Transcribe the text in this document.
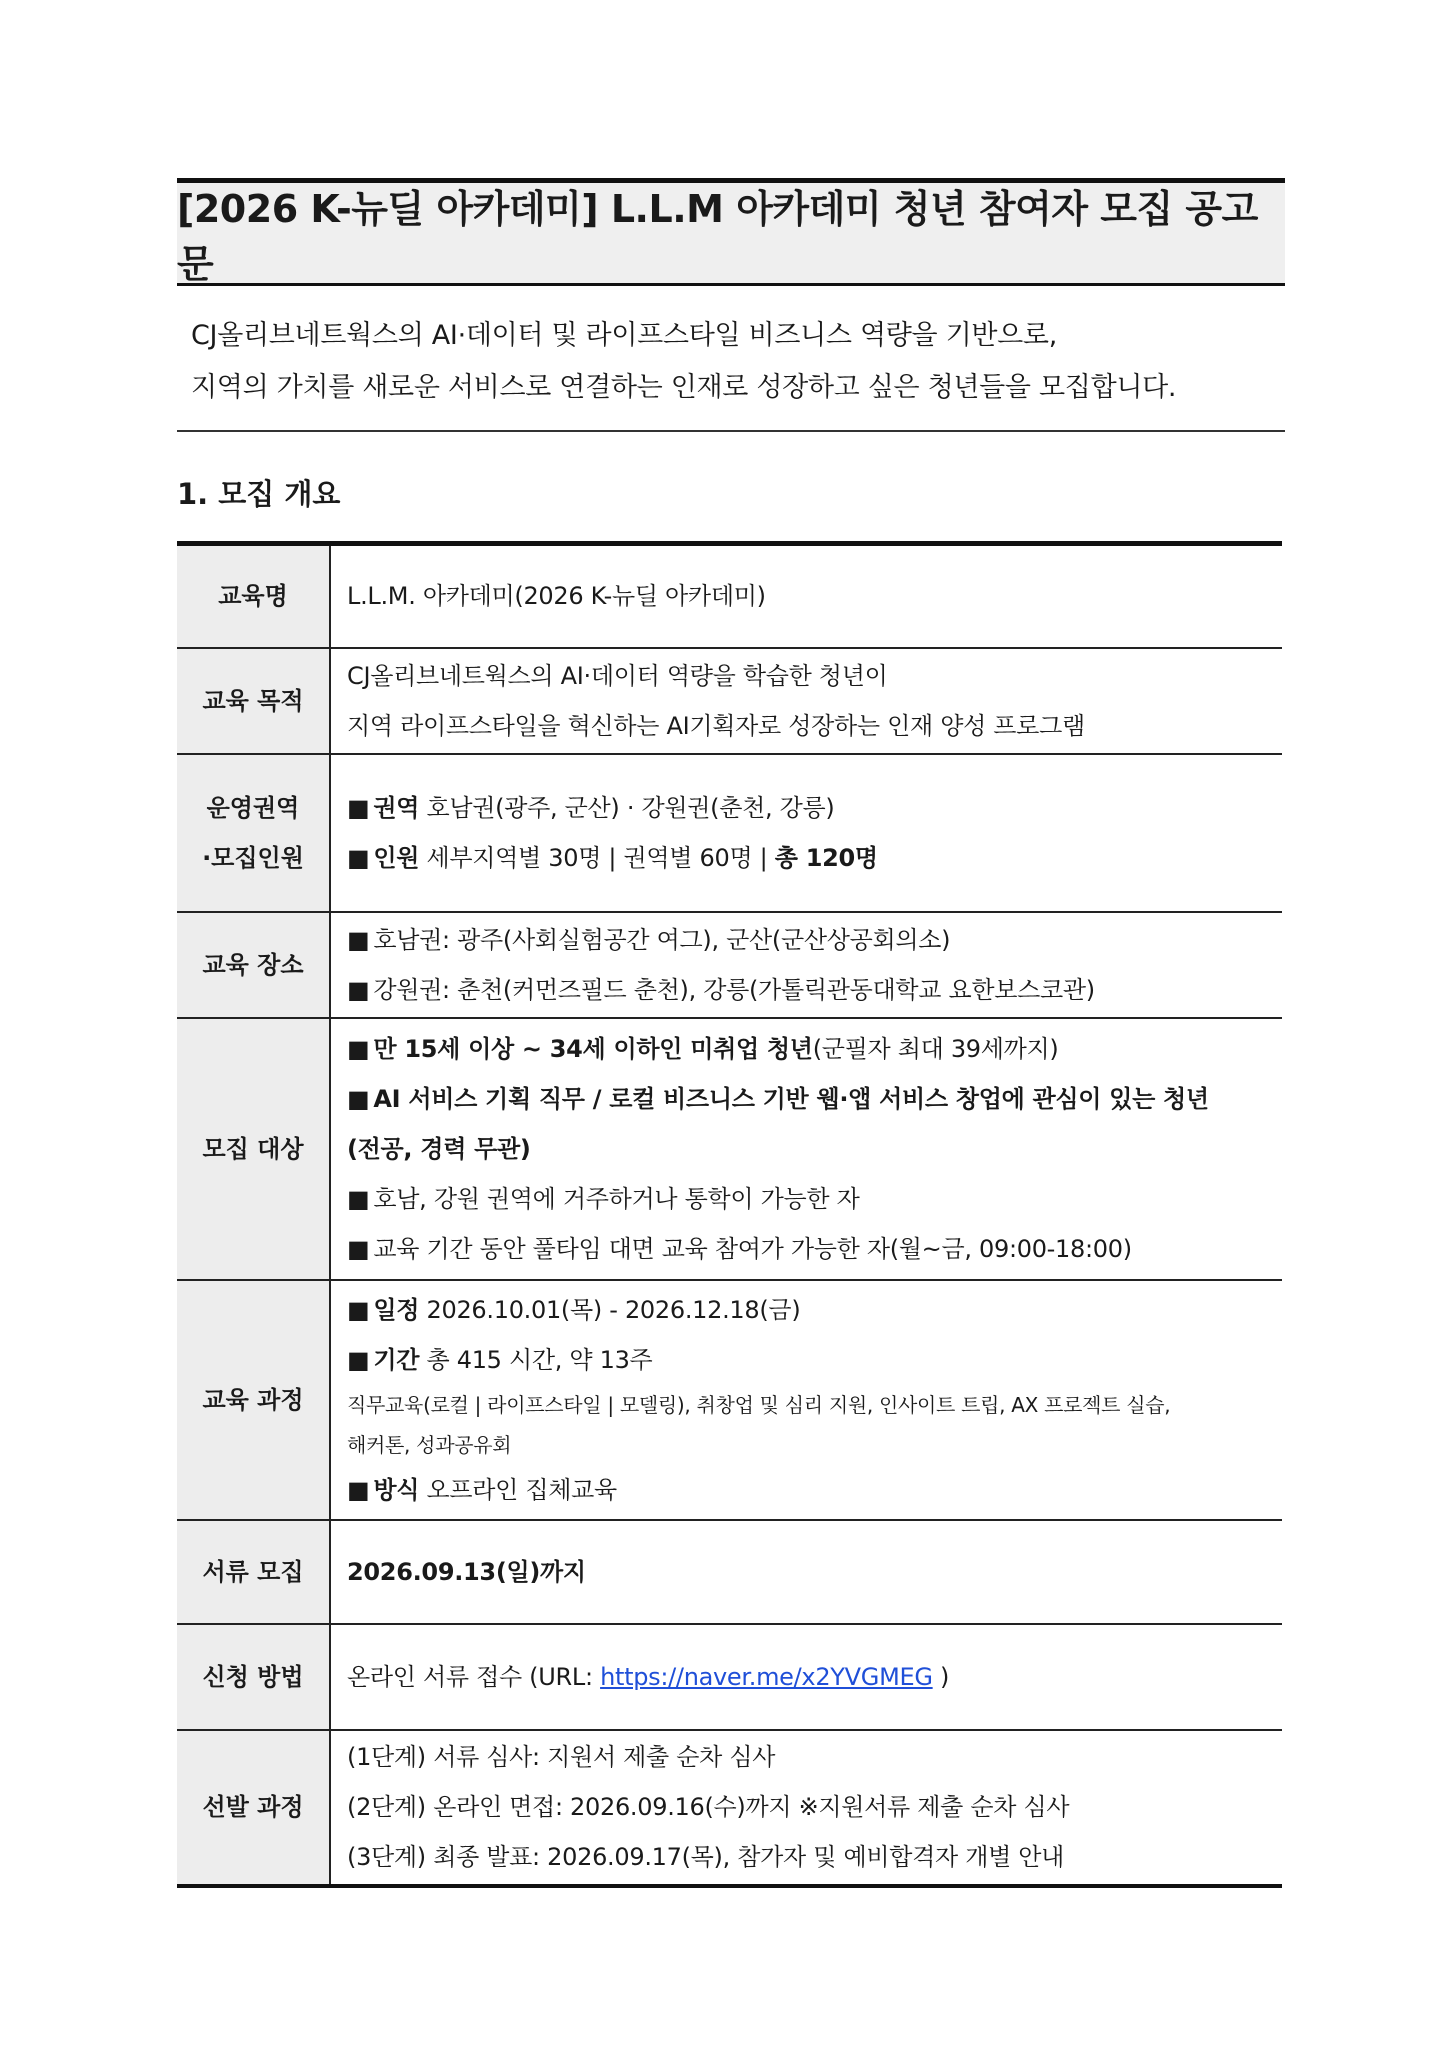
[2026 K-뉴딜 아카데미] L.L.M 아카데미 청년 참여자 모집 공고문

CJ올리브네트웍스의 AI·데이터 및 라이프스타일 비즈니스 역량을 기반으로,

지역의 가치를 새로운 서비스로 연결하는 인재로 성장하고 싶은 청년들을 모집합니다.

1. 모집 개요
교육명	L.L.M. 아카데미(2026 K-뉴딜 아카데미)
교육 목적	CJ올리브네트웍스의 AI·데이터 역량을 학습한 청년이
지역 라이프스타일을 혁신하는 AI기획자로 성장하는 인재 양성 프로그램

운영권역
·모집인원	■ 권역 호남권(광주, 군산) · 강원권(춘천, 강릉)
■ 인원 세부지역별 30명 | 권역별 60명 | 총 120명

교육 장소	■ 호남권: 광주(사회실험공간 여그), 군산(군산상공회의소)
■ 강원권: 춘천(커먼즈필드 춘천), 강릉(가톨릭관동대학교 요한보스코관)

모집 대상	■ 만 15세 이상 ~ 34세 이하인 미취업 청년(군필자 최대 39세까지)
■ AI 서비스 기획 직무 / 로컬 비즈니스 기반 웹·앱 서비스 창업에 관심이 있는 청년
(전공, 경력 무관)
■ 호남, 강원 권역에 거주하거나 통학이 가능한 자
■ 교육 기간 동안 풀타임 대면 교육 참여가 가능한 자(월~금, 09:00-18:00)

교육 과정	■ 일정 2026.10.01(목) - 2026.12.18(금)
■ 기간 총 415 시간, 약 13주
직무교육(로컬 | 라이프스타일 | 모델링), 취창업 및 심리 지원, 인사이트 트립, AX 프로젝트 실습,
해커톤, 성과공유회
■ 방식 오프라인 집체교육

서류 모집	2026.09.13(일)까지
신청 방법	온라인 서류 접수 (URL: https://naver.me/x2YVGMEG )
선발 과정	(1단계) 서류 심사: 지원서 제출 순차 심사
(2단계) 온라인 면접: 2026.09.16(수)까지 ※지원서류 제출 순차 심사
(3단계) 최종 발표: 2026.09.17(목), 참가자 및 예비합격자 개별 안내
